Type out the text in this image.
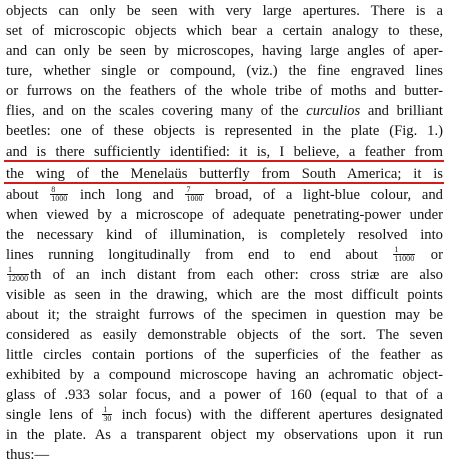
objects can only be seen with very large apertures. There is a

set of microscopic objects which bear a certain analogy to these,

and can only be seen by microscopes, having large angles of aper-

ture, whether single or compound, (viz.) the fine engraved lines

or furrows on the feathers of the whole tribe of moths and butter-

flies, and on the scales covering many of the curculios and brilliant

beetles: one of these objects is represented in the plate (Fig. 1.)

and is there sufficiently identified: it is, I believe, a feather from

the wing of the Menelaüs butterfly from South America; it is

about $\frac{8}{1000}$ inch long and $\frac{7}{1000}$ broad, of a light-blue colour, and

when viewed by a microscope of adequate penetrating-power under

the necessary kind of illumination, is completely resolved into

lines running longitudinally from end to end about $\frac{1}{11000}$ or

$\frac{1}{12000}$ th of an inch distant from each other: cross striæ are also

visible as seen in the drawing, which are the most difficult points

about it; the straight furrows of the specimen in question may be

considered as easily demonstrable objects of the sort. The seven

little circles contain portions of the superficies of the feather as

exhibited by a compound microscope having an achromatic object-

glass of .933 solar focus, and a power of 160 (equal to that of a

single lens of $\frac{1}{30}$ inch focus) with the different apertures designated

in the plate. As a transparent object my observations upon it run

thus:—
